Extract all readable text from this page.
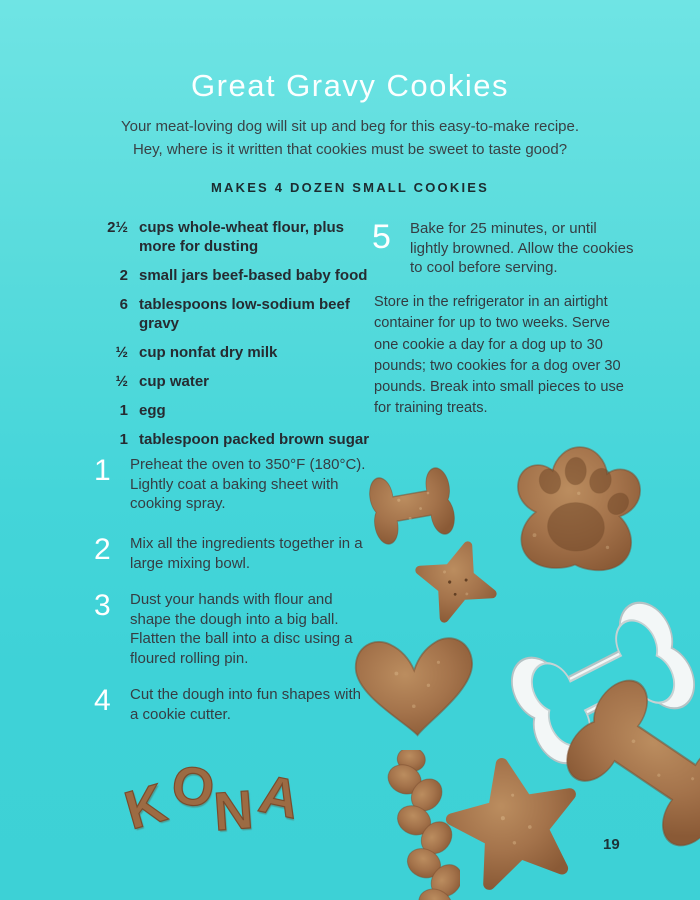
Great Gravy Cookies
Your meat-loving dog will sit up and beg for this easy-to-make recipe.
Hey, where is it written that cookies must be sweet to taste good?
MAKES 4 DOZEN SMALL COOKIES
2½ cups whole-wheat flour, plus more for dusting
2 small jars beef-based baby food
6 tablespoons low-sodium beef gravy
½ cup nonfat dry milk
½ cup water
1 egg
1 tablespoon packed brown sugar
1	Preheat the oven to 350°F (180°C). Lightly coat a baking sheet with cooking spray.
2	Mix all the ingredients together in a large mixing bowl.
3	Dust your hands with flour and shape the dough into a big ball. Flatten the ball into a disc using a floured rolling pin.
4	Cut the dough into fun shapes with a cookie cutter.
5	Bake for 25 minutes, or until lightly browned. Allow the cookies to cool before serving.
Store in the refrigerator in an airtight container for up to two weeks. Serve one cookie a day for a dog up to 30 pounds; two cookies for a dog over 30 pounds. Break into small pieces to use for training treats.
K
O
N A
19
